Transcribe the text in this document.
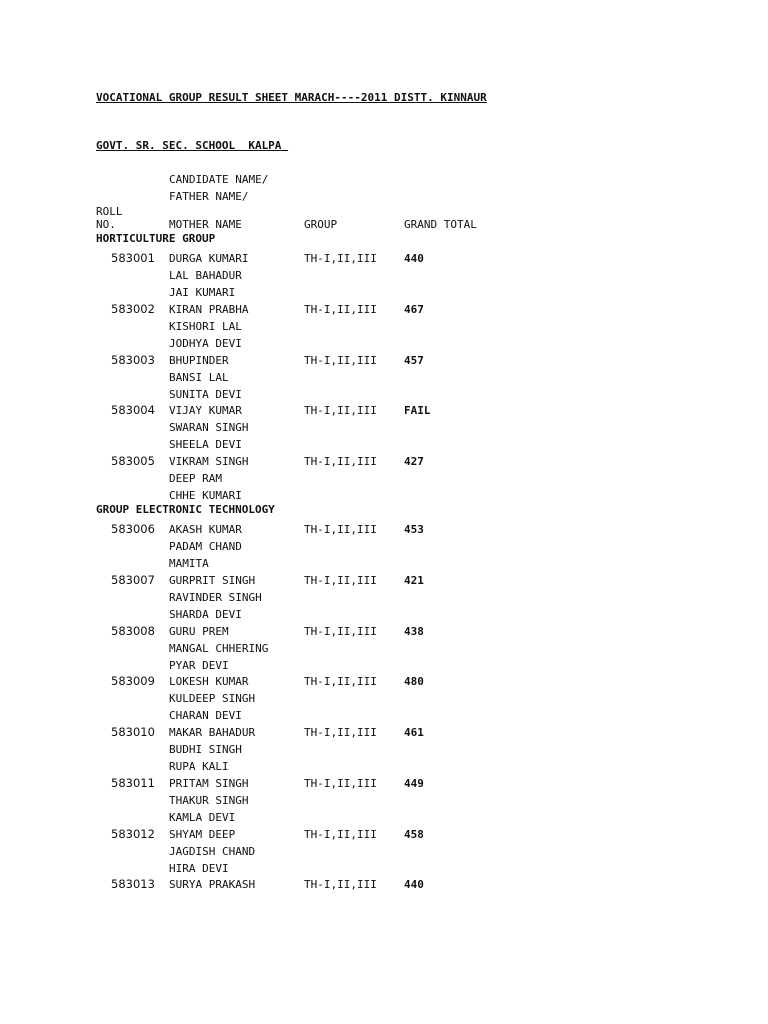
VOCATIONAL GROUP RESULT SHEET MARACH----2011 DISTT. KINNAUR
GOVT. SR. SEC. SCHOOL  KALPA
CANDIDATE NAME/
FATHER NAME/
ROLL
NO.	MOTHER NAME	GROUP	GRAND TOTAL
HORTICULTURE GROUP
583001 DURGA KUMARI
LAL BAHADUR
JAI KUMARI
TH-I,II,III 440
583002 KIRAN PRABHA
KISHORI LAL
JODHYA DEVI
TH-I,II,III 467
583003 BHUPINDER
BANSI LAL
SUNITA DEVI
TH-I,II,III 457
583004 VIJAY KUMAR
SWARAN SINGH
SHEELA DEVI
TH-I,II,III FAIL
583005 VIKRAM SINGH
DEEP RAM
CHHE KUMARI
TH-I,II,III 427
GROUP ELECTRONIC TECHNOLOGY
583006 AKASH KUMAR
PADAM CHAND
MAMITA
TH-I,II,III 453
583007 GURPRIT SINGH
RAVINDER SINGH
SHARDA DEVI
TH-I,II,III 421
583008 GURU PREM
MANGAL CHHERING
PYAR DEVI
TH-I,II,III 438
583009 LOKESH KUMAR
KULDEEP SINGH
CHARAN DEVI
TH-I,II,III 480
583010 MAKAR BAHADUR
BUDHI SINGH
RUPA KALI
TH-I,II,III 461
583011 PRITAM SINGH
THAKUR SINGH
KAMLA DEVI
TH-I,II,III 449
583012 SHYAM DEEP
JAGDISH CHAND
HIRA DEVI
TH-I,II,III 458
583013 SURYA PRAKASH	TH-I,II,III 440
